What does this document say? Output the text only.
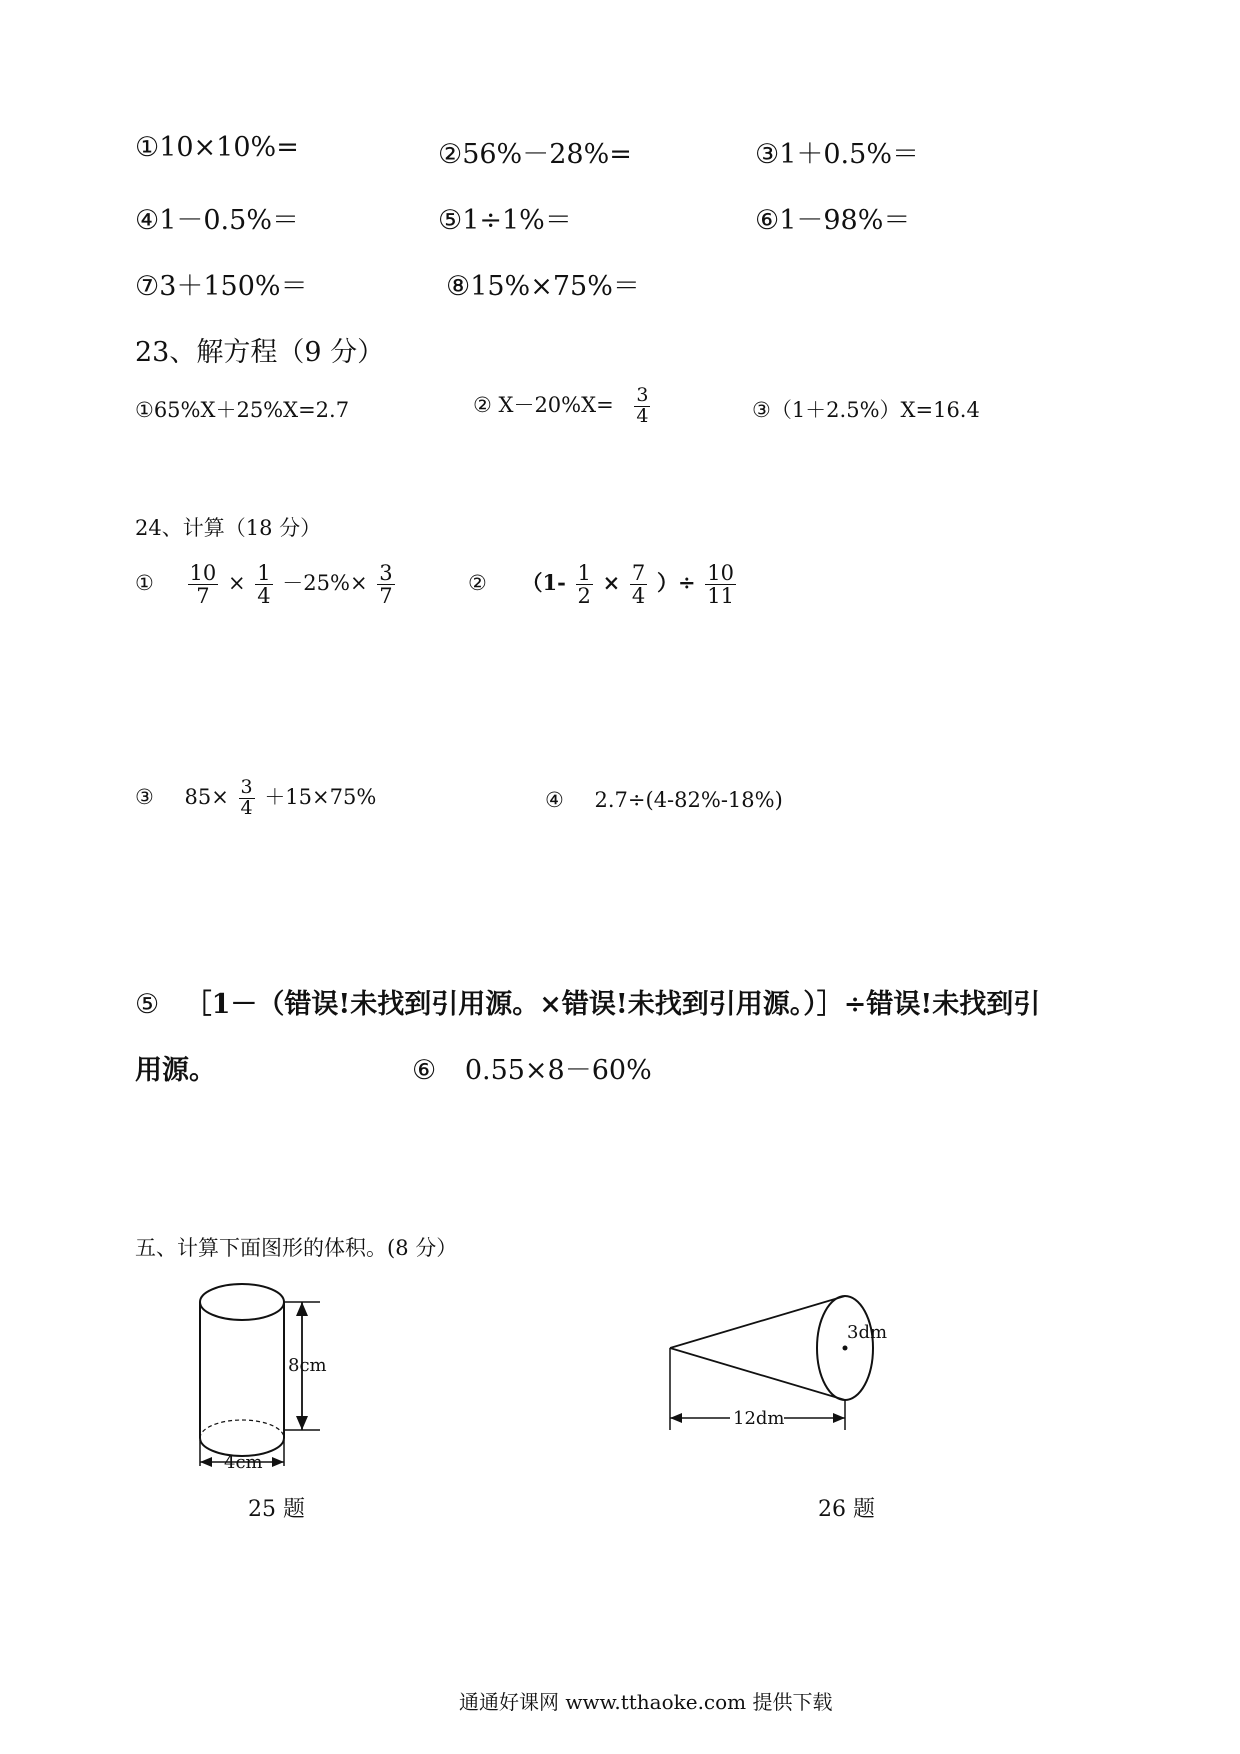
①10×10%=	②56%－28%=	③1＋0.5%＝
④1－0.5%＝	⑤1÷1%＝	⑥1－98%＝
⑦3＋150%＝	⑧15%×75%＝
23、解方程（9 分）
①65%X＋25%X=2.7	② $X-20\%X= \frac{3}{4}$	③（1＋2.5%）X=16.4
24、计算（18 分）
① $\frac{10}{7} \times \frac{1}{4} -25\%\times \frac{3}{7}$	② （$1- \frac{1}{2} \times \frac{7}{4}$ ）÷ $\frac{10}{11}$
③ $85\times \frac{3}{4} +15\times 75\%$	④ 2.7÷(4-82%-18%)
⑤ ［1－（错误!未找到引用源。×错误!未找到引用源。）］÷错误!未找到引
用源。	⑥ 0.55×8－60%
五、计算下面图形的体积。(8 分）
8cm
4cm
25 题
3dm
12dm
26 题
通通好课网 www.tthaoke.com 提供下载
